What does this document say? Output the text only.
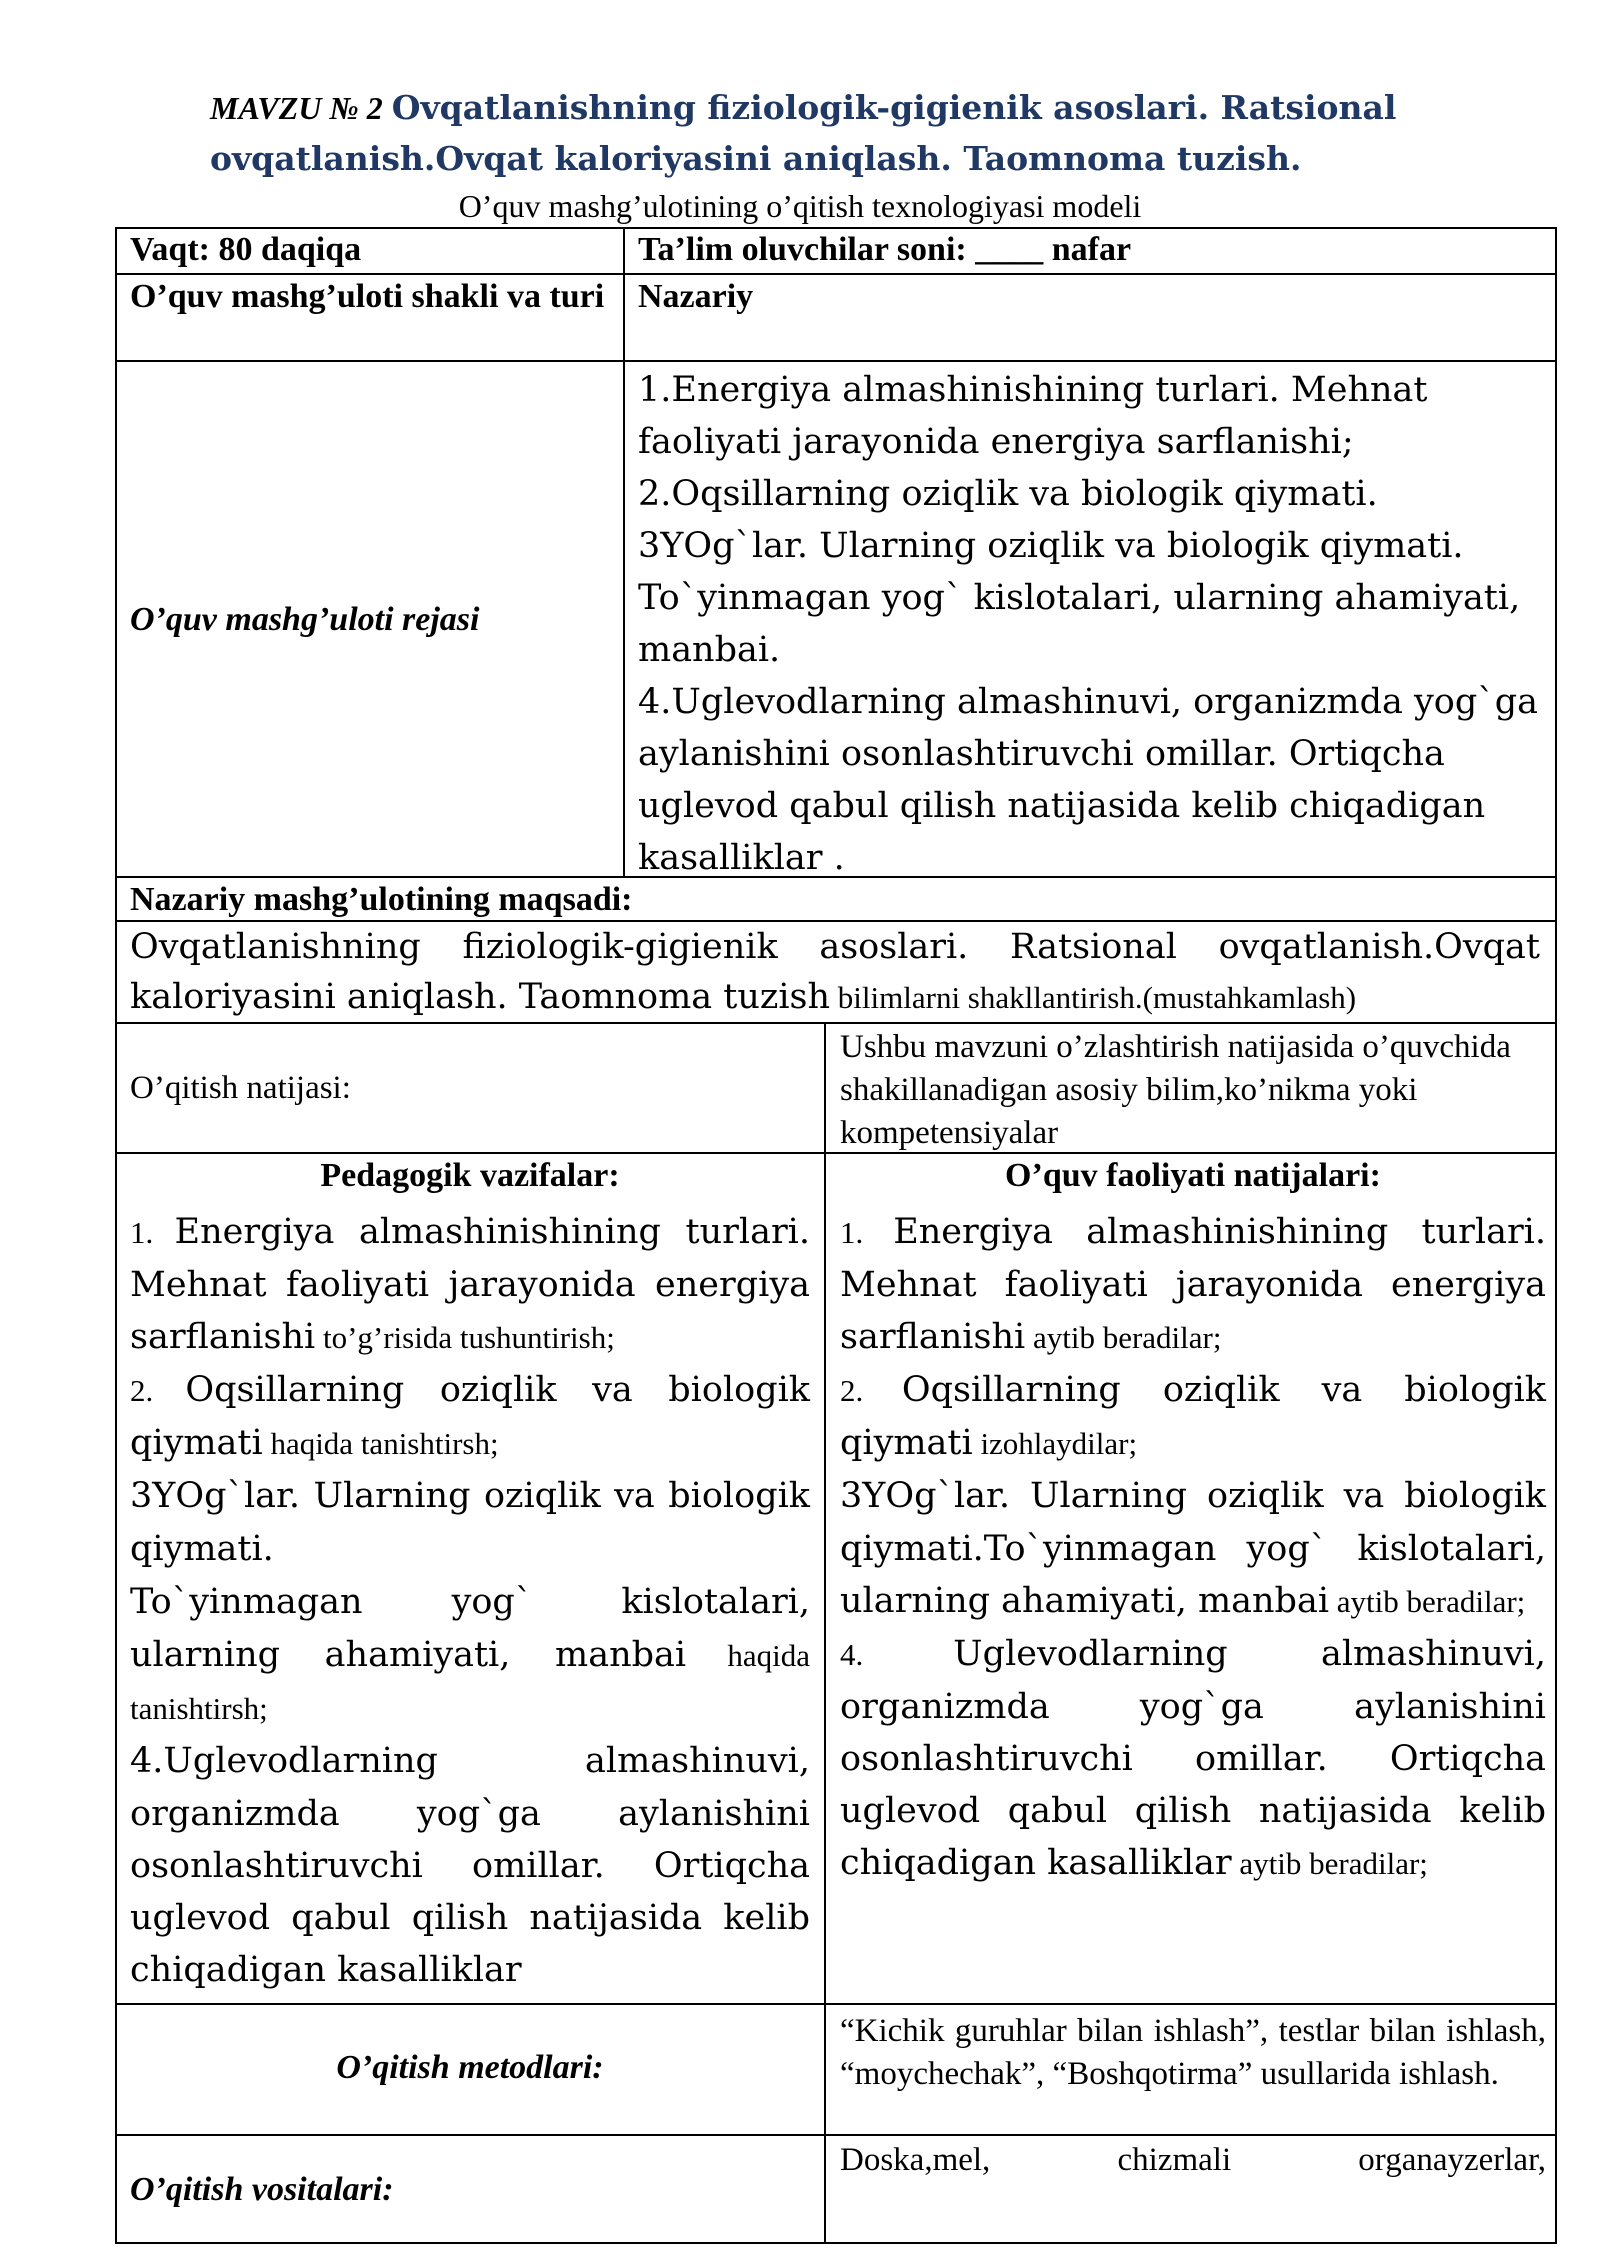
MAVZU № 2 Ovqatlanishning fiziologik-gigienik asoslari. Ratsional ovqatlanish.Ovqat kaloriyasini aniqlash. Taomnoma tuzish.
O’quv mashg’ulotining o’qitish texnologiyasi modeli
Vaqt: 80 daqiqa	Ta’lim oluvchilar soni: ____ nafar
O’quv mashg’uloti shakli va turi Nazariy
O’quv mashg’uloti rejasi

1.Energiya almashinishining turlari. Mehnat faoliyati jarayonida energiya sarflanishi;

2.Oqsillarning oziqlik va biologik qiymati.

3YOg`lar. Ularning oziqlik va biologik qiymati. To`yinmagan yog` kislotalari, ularning ahamiyati, manbai.

4.Uglevodlarning almashinuvi, organizmda yog`ga aylanishini osonlashtiruvchi omillar. Ortiqcha uglevod qabul qilish natijasida kelib chiqadigan kasalliklar .

Nazariy mashg’ulotining maqsadi:
Ovqatlanishning fiziologik-gigienik asoslari. Ratsional ovqatlanish.Ovqat kaloriyasini aniqlash. Taomnoma tuzish bilimlarni shakllantirish.(mustahkamlash)
O’qitish natijasi:
Ushbu mavzuni o’zlashtirish natijasida o’quvchida shakillanadigan asosiy bilim,ko’nikma yoki kompetensiyalar
Pedagogik vazifalar:	O’quv faoliyati natijalari:

1. Energiya almashinishining turlari. Mehnat faoliyati jarayonida energiya sarflanishi to’g’risida tushuntirish;

2. Oqsillarning oziqlik va biologik qiymati haqida tanishtirsh;

3YOg`lar. Ularning oziqlik va biologik qiymati.

To`yinmagan yog` kislotalari, ularning ahamiyati, manbai haqida tanishtirsh;

4.Uglevodlarning almashinuvi, organizmda yog`ga aylanishini osonlashtiruvchi omillar. Ortiqcha uglevod qabul qilish natijasida kelib chiqadigan kasalliklar

1. Energiya almashinishining turlari. Mehnat faoliyati jarayonida energiya sarflanishi aytib beradilar;

2. Oqsillarning oziqlik va biologik qiymati izohlaydilar;

3YOg`lar. Ularning oziqlik va biologik qiymati.To`yinmagan yog` kislotalari, ularning ahamiyati, manbai aytib beradilar;

4. Uglevodlarning almashinuvi, organizmda yog`ga aylanishini osonlashtiruvchi omillar. Ortiqcha uglevod qabul qilish natijasida kelib chiqadigan kasalliklar aytib beradilar;

O’qitish metodlari:
“Kichik guruhlar bilan ishlash”, testlar bilan ishlash, “moychechak”, “Boshqotirma” usullarida ishlash.
O’qitish vositalari:
Doska,mel, chizmali organayzerlar,
